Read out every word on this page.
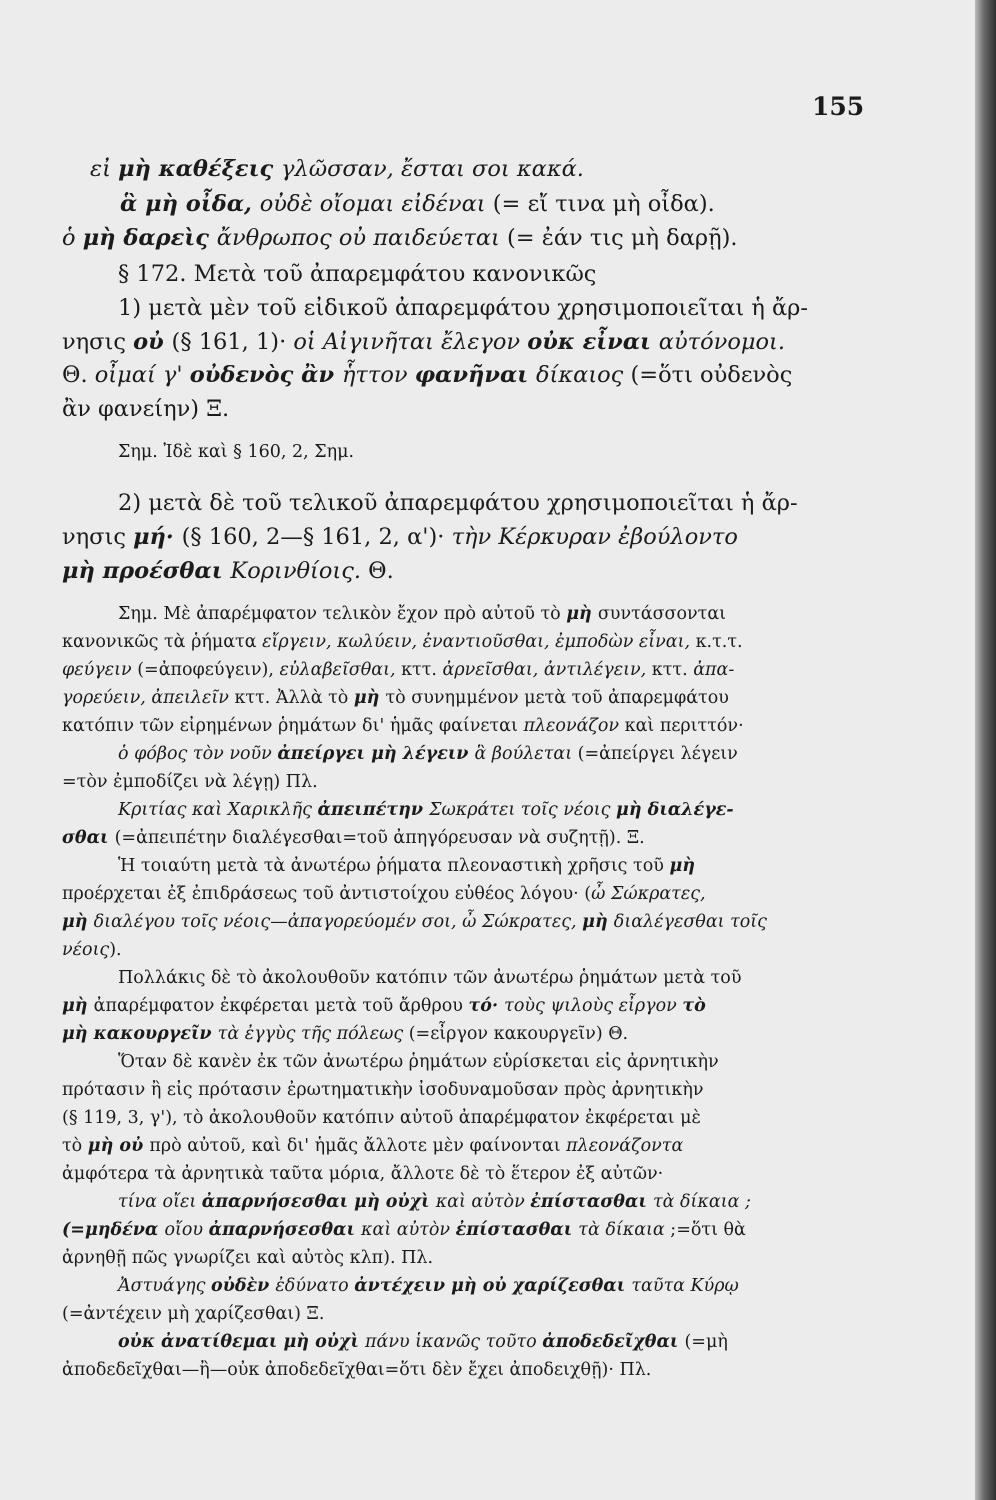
155
εἰ μὴ καθέξεις γλῶσσαν, ἔσται σοι κακά.
ἃ μὴ οἶδα, οὐδὲ οἴομαι εἰδέναι (= εἴ τινα μὴ οἶδα).
ὁ μὴ δαρεὶς ἄνθρωπος οὐ παιδεύεται (= ἐάν τις μὴ δαρῇ).
§ 172. Μετὰ τοῦ ἀπαρεμφάτου κανονικῶς
1) μετὰ μὲν τοῦ εἰδικοῦ ἀπαρεμφάτου χρησιμοποιεῖται ἡ ἄρ-
νησις οὐ (§ 161, 1)· οἱ Αἰγινῆται ἔλεγον οὐκ εἶναι αὐτόνομοι.
Θ. οἶμαί γ' οὐδενὸς ἂν ἧττον φανῆναι δίκαιος (=ὅτι οὐδενὸς
ἂν φανείην) Ξ.
Σημ. Ἰδὲ καὶ § 160, 2, Σημ.
2) μετὰ δὲ τοῦ τελικοῦ ἀπαρεμφάτου χρησιμοποιεῖται ἡ ἄρ-
νησις μή· (§ 160, 2—§ 161, 2, α')· τὴν Κέρκυραν ἐβούλοντο
μὴ προέσθαι Κορινθίοις. Θ.
Σημ. Μὲ ἀπαρέμφατον τελικὸν ἔχον πρὸ αὐτοῦ τὸ μὴ συντάσσονται
κανονικῶς τὰ ῥήματα εἴργειν, κωλύειν, ἐναντιοῦσθαι, ἐμποδὼν εἶναι, κ.τ.τ.
φεύγειν (=ἀποφεύγειν), εὐλαβεῖσθαι, κττ. ἀρνεῖσθαι, ἀντιλέγειν, κττ. ἀπα-
γορεύειν, ἀπειλεῖν κττ. Ἀλλὰ τὸ μὴ τὸ συνημμένον μετὰ τοῦ ἀπαρεμφάτου
κατόπιν τῶν εἰρημένων ῥημάτων δι' ἡμᾶς φαίνεται πλεονάζον καὶ περιττόν·
ὁ φόβος τὸν νοῦν ἀπείργει μὴ λέγειν ἃ βούλεται (=ἀπείργει λέγειν
=τὸν ἐμποδίζει νὰ λέγῃ) Πλ.
Κριτίας καὶ Χαρικλῆς ἀπειπέτην Σωκράτει τοῖς νέοις μὴ διαλέγε-
σθαι (=ἀπειπέτην διαλέγεσθαι=τοῦ ἀπηγόρευσαν νὰ συζητῇ). Ξ.
Ἡ τοιαύτη μετὰ τὰ ἀνωτέρω ῥήματα πλεοναστικὴ χρῆσις τοῦ μὴ
προέρχεται ἐξ ἐπιδράσεως τοῦ ἀντιστοίχου εὐθέος λόγου· (ὦ Σώκρατες,
μὴ διαλέγου τοῖς νέοις—ἀπαγορεύομέν σοι, ὦ Σώκρατες, μὴ διαλέγεσθαι τοῖς
νέοις).
Πολλάκις δὲ τὸ ἀκολουθοῦν κατόπιν τῶν ἀνωτέρω ῥημάτων μετὰ τοῦ
μὴ ἀπαρέμφατον ἐκφέρεται μετὰ τοῦ ἄρθρου τό· τοὺς ψιλοὺς εἶργον τὸ
μὴ κακουργεῖν τὰ ἐγγὺς τῆς πόλεως (=εἶργον κακουργεῖν) Θ.
Ὅταν δὲ κανὲν ἐκ τῶν ἀνωτέρω ῥημάτων εὑρίσκεται εἰς ἀρνητικὴν
πρότασιν ἢ εἰς πρότασιν ἐρωτηματικὴν ἰσοδυναμοῦσαν πρὸς ἀρνητικὴν
(§ 119, 3, γ'), τὸ ἀκολουθοῦν κατόπιν αὐτοῦ ἀπαρέμφατον ἐκφέρεται μὲ
τὸ μὴ οὐ πρὸ αὐτοῦ, καὶ δι' ἡμᾶς ἄλλοτε μὲν φαίνονται πλεονάζοντα
ἀμφότερα τὰ ἀρνητικὰ ταῦτα μόρια, ἄλλοτε δὲ τὸ ἕτερον ἐξ αὐτῶν·
τίνα οἴει ἀπαρνήσεσθαι μὴ οὐχὶ καὶ αὐτὸν ἐπίστασθαι τὰ δίκαια ;
(=μηδένα οἴου ἀπαρνήσεσθαι καὶ αὐτὸν ἐπίστασθαι τὰ δίκαια ;=ὅτι θὰ
ἀρνηθῇ πῶς γνωρίζει καὶ αὐτὸς κλπ). Πλ.
Ἀστυάγης οὐδὲν ἐδύνατο ἀντέχειν μὴ οὐ χαρίζεσθαι ταῦτα Κύρῳ
(=ἀντέχειν μὴ χαρίζεσθαι) Ξ.
οὐκ ἀνατίθεμαι μὴ οὐχὶ πάνυ ἱκανῶς τοῦτο ἀποδεδεῖχθαι (=μὴ
ἀποδεδεῖχθαι—ἢ—οὐκ ἀποδεδεῖχθαι=ὅτι δὲν ἔχει ἀποδειχθῇ)· Πλ.
